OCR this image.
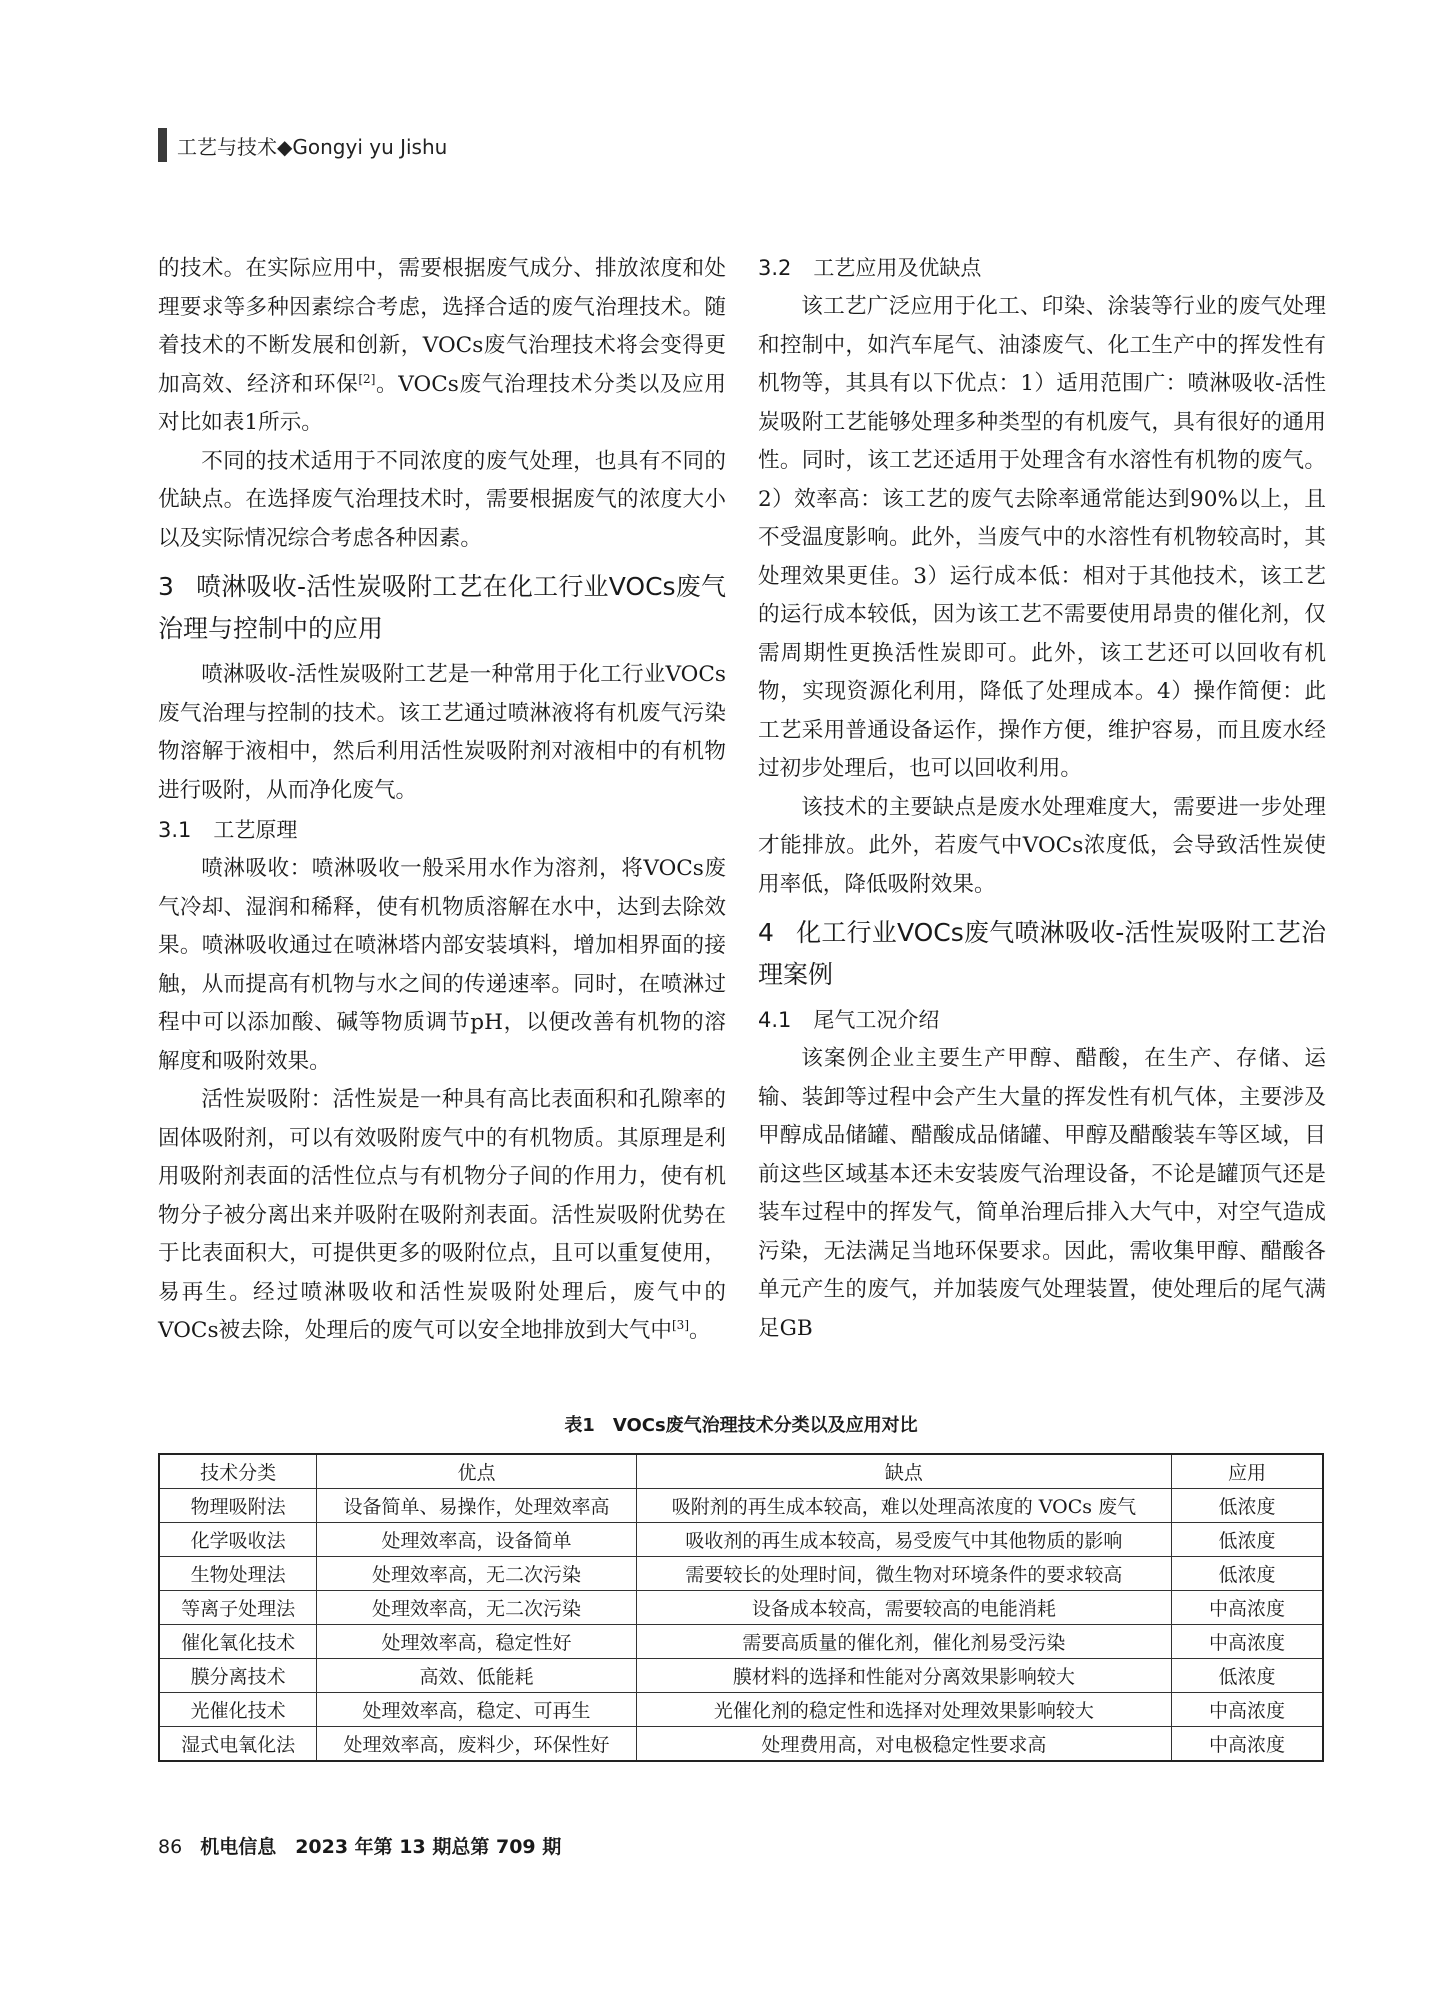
工艺与技术◆Gongyi yu Jishu

的技术。在实际应用中，需要根据废气成分、排放浓度和处理要求等多种因素综合考虑，选择合适的废气治理技术。随着技术的不断发展和创新，VOCs废气治理技术将会变得更加高效、经济和环保[2]。VOCs废气治理技术分类以及应用对比如表1所示。

不同的技术适用于不同浓度的废气处理，也具有不同的优缺点。在选择废气治理技术时，需要根据废气的浓度大小以及实际情况综合考虑各种因素。

3 喷淋吸收-活性炭吸附工艺在化工行业VOCs废气治理与控制中的应用

喷淋吸收-活性炭吸附工艺是一种常用于化工行业VOCs废气治理与控制的技术。该工艺通过喷淋液将有机废气污染物溶解于液相中，然后利用活性炭吸附剂对液相中的有机物进行吸附，从而净化废气。

3.1 工艺原理

喷淋吸收：喷淋吸收一般采用水作为溶剂，将VOCs废气冷却、湿润和稀释，使有机物质溶解在水中，达到去除效果。喷淋吸收通过在喷淋塔内部安装填料，增加相界面的接触，从而提高有机物与水之间的传递速率。同时，在喷淋过程中可以添加酸、碱等物质调节pH，以便改善有机物的溶解度和吸附效果。

活性炭吸附：活性炭是一种具有高比表面积和孔隙率的固体吸附剂，可以有效吸附废气中的有机物质。其原理是利用吸附剂表面的活性位点与有机物分子间的作用力，使有机物分子被分离出来并吸附在吸附剂表面。活性炭吸附优势在于比表面积大，可提供更多的吸附位点，且可以重复使用，易再生。经过喷淋吸收和活性炭吸附处理后，废气中的VOCs被去除，处理后的废气可以安全地排放到大气中[3]。

3.2 工艺应用及优缺点

该工艺广泛应用于化工、印染、涂装等行业的废气处理和控制中，如汽车尾气、油漆废气、化工生产中的挥发性有机物等，其具有以下优点：1）适用范围广：喷淋吸收-活性炭吸附工艺能够处理多种类型的有机废气，具有很好的通用性。同时，该工艺还适用于处理含有水溶性有机物的废气。2）效率高：该工艺的废气去除率通常能达到90%以上，且不受温度影响。此外，当废气中的水溶性有机物较高时，其处理效果更佳。3）运行成本低：相对于其他技术，该工艺的运行成本较低，因为该工艺不需要使用昂贵的催化剂，仅需周期性更换活性炭即可。此外，该工艺还可以回收有机物，实现资源化利用，降低了处理成本。4）操作简便：此工艺采用普通设备运作，操作方便，维护容易，而且废水经过初步处理后，也可以回收利用。

该技术的主要缺点是废水处理难度大，需要进一步处理才能排放。此外，若废气中VOCs浓度低，会导致活性炭使用率低，降低吸附效果。

4 化工行业VOCs废气喷淋吸收-活性炭吸附工艺治理案例
4.1 尾气工况介绍

该案例企业主要生产甲醇、醋酸，在生产、存储、运输、装卸等过程中会产生大量的挥发性有机气体，主要涉及甲醇成品储罐、醋酸成品储罐、甲醇及醋酸装车等区域，目前这些区域基本还未安装废气治理设备，不论是罐顶气还是装车过程中的挥发气，简单治理后排入大气中，对空气造成污染，无法满足当地环保要求。因此，需收集甲醇、醋酸各单元产生的废气，并加装废气处理装置，使处理后的尾气满足GB

表1　VOCs废气治理技术分类以及应用对比
技术分类	优点	缺点	应用
物理吸附法	设备简单、易操作，处理效率高	吸附剂的再生成本较高，难以处理高浓度的 VOCs 废气	低浓度
化学吸收法	处理效率高，设备简单	吸收剂的再生成本较高，易受废气中其他物质的影响	低浓度
生物处理法	处理效率高，无二次污染	需要较长的处理时间，微生物对环境条件的要求较高	低浓度
等离子处理法	处理效率高，无二次污染	设备成本较高，需要较高的电能消耗	中高浓度
催化氧化技术	处理效率高，稳定性好	需要高质量的催化剂，催化剂易受污染	中高浓度
膜分离技术	高效、低能耗	膜材料的选择和性能对分离效果影响较大	低浓度
光催化技术	处理效率高，稳定、可再生	光催化剂的稳定性和选择对处理效果影响较大	中高浓度
湿式电氧化法	处理效率高，废料少，环保性好	处理费用高，对电极稳定性要求高	中高浓度
86 机电信息　2023 年第 13 期总第 709 期
